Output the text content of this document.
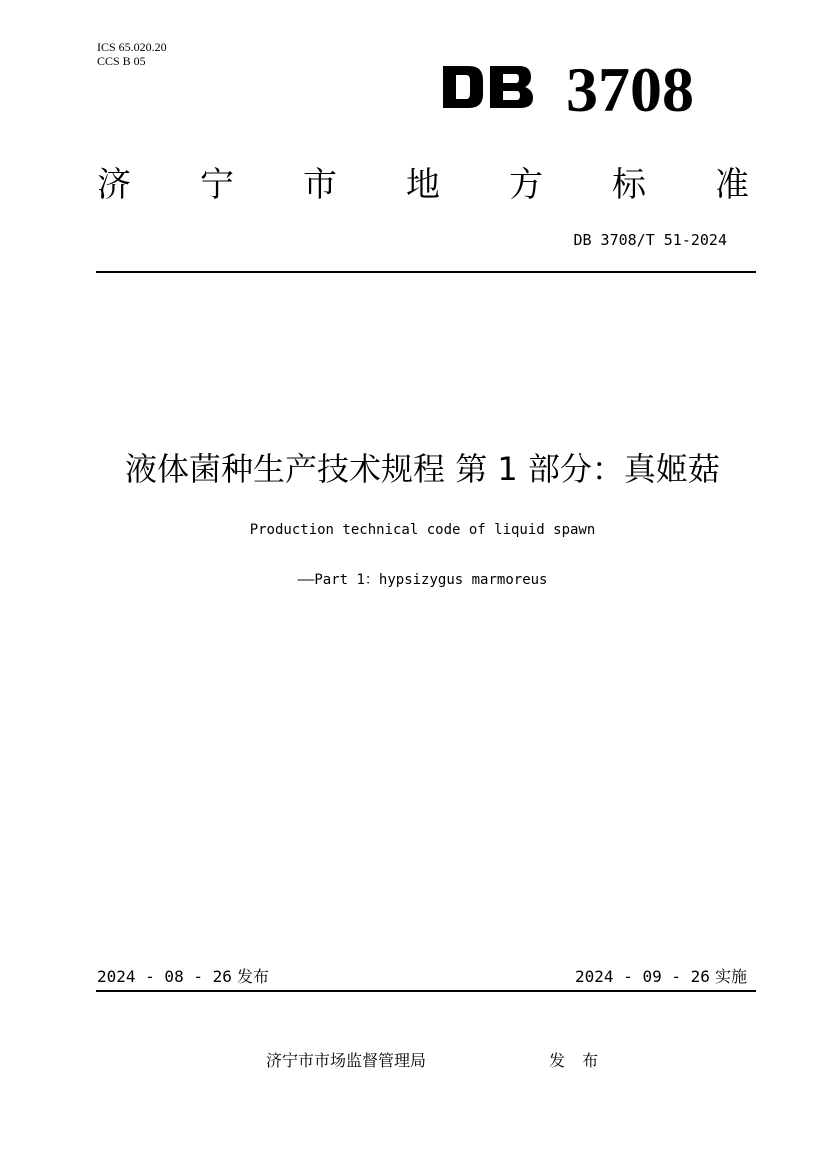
ICS 65.020.20
CCS B 05	3708
济 宁 市 地 方 标 准
DB 3708/T 51-2024
液体菌种生产技术规程 第 1 部分：真姬菇
Production technical code of liquid spawn
——Part 1：hypsizygus marmoreus
2024 - 08 - 26 发布	2024 - 09 - 26 实施
济宁市市场监督管理局	发 布
